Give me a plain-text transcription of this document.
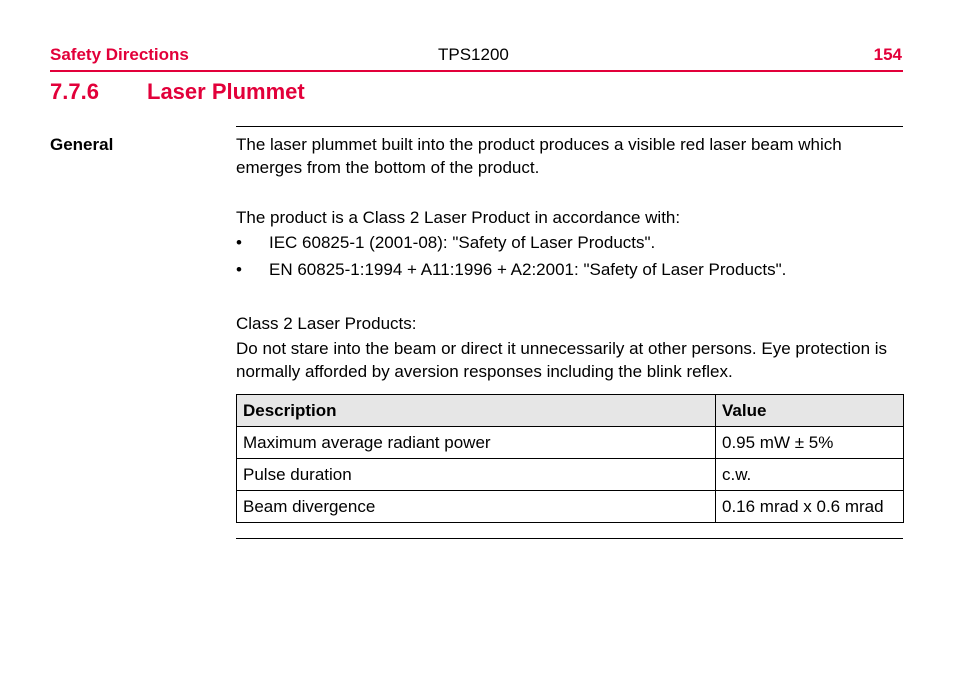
Safety Directions	TPS1200	154
7.7.6 Laser Plummet
General	The laser plummet built into the product produces a visible red laser beam which emerges from the bottom of the product.
The product is a Class 2 Laser Product in accordance with:
•	IEC 60825-1 (2001-08): "Safety of Laser Products".
•	EN 60825-1:1994 + A11:1996 + A2:2001: "Safety of Laser Products".
Class 2 Laser Products:
Do not stare into the beam or direct it unnecessarily at other persons. Eye protection is normally afforded by aversion responses including the blink reflex.
Description	Value
Maximum average radiant power	0.95 mW ± 5%
Pulse duration	c.w.
Beam divergence	0.16 mrad x 0.6 mrad
